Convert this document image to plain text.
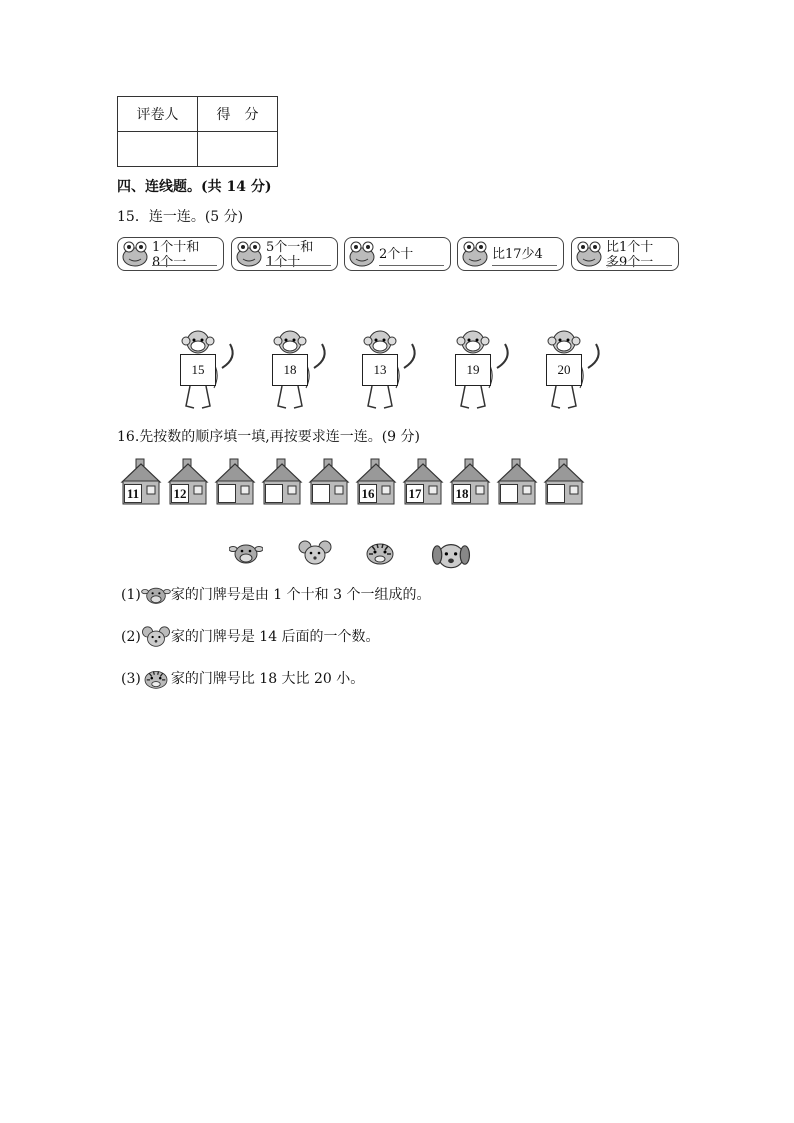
评卷人	得　分

四、连线题。(共 14 分)
15．连一连。(5 分)
1个十和
8个一
5个一和
1个十
2个十	比17少4	比1个十
多9个一
15	18	13	19	20
16.先按数的顺序填一填,再按要求连一连。(9 分)
11	12	16	17	18
(1) 家的门牌号是由 1 个十和 3 个一组成的。
(2) 家的门牌号是 14 后面的一个数。
(3) 家的门牌号比 18 大比 20 小。
